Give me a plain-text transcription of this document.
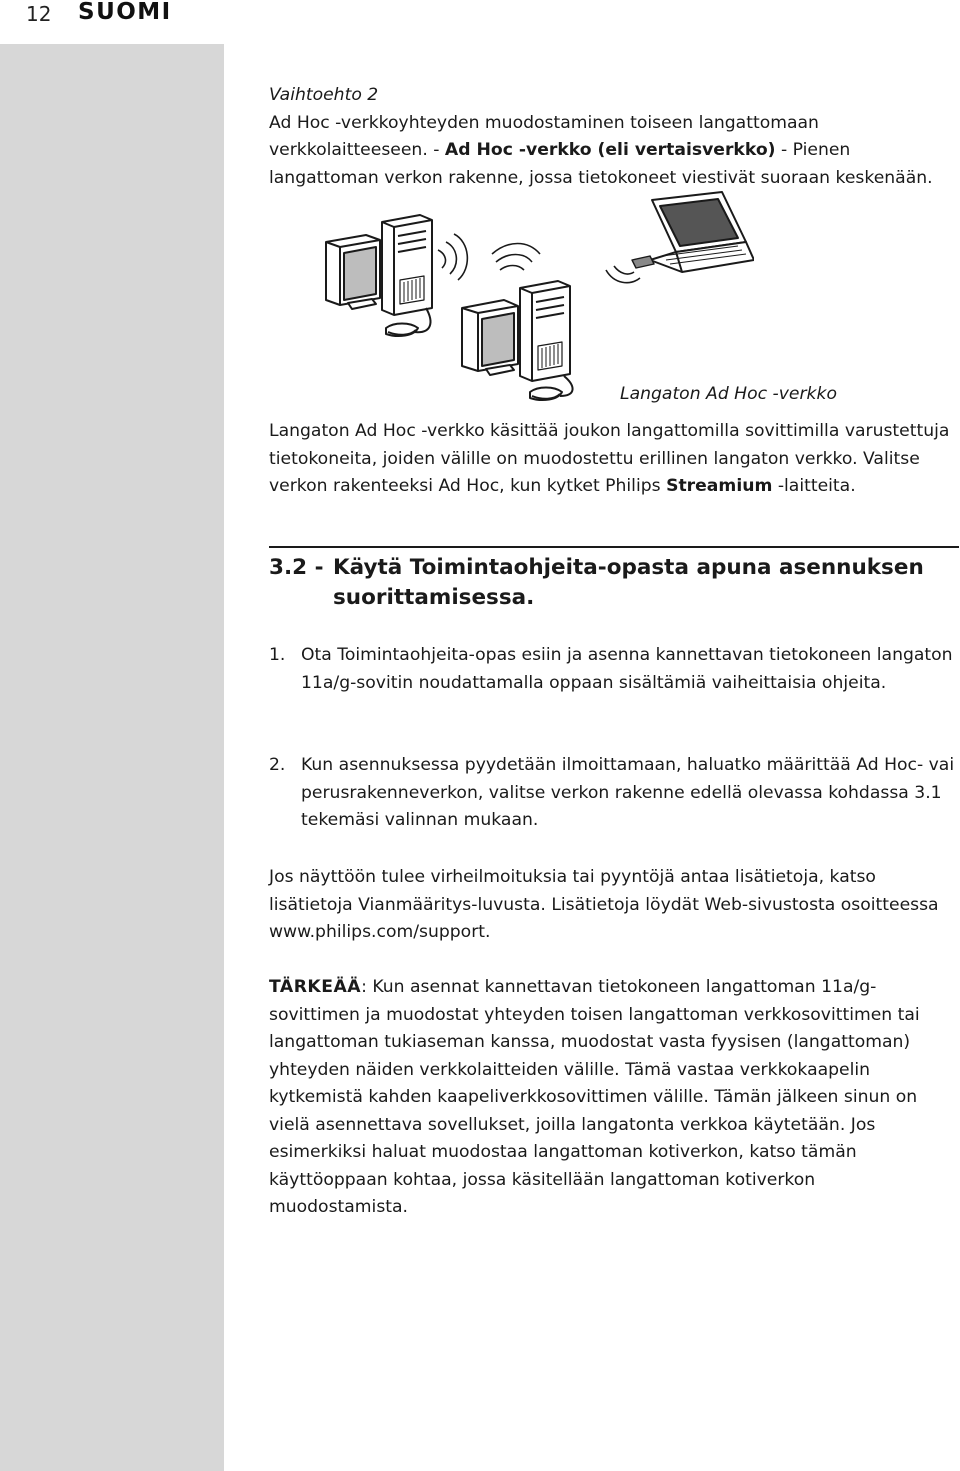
12 SUOMI

Vaihtoehto 2
Ad Hoc -verkkoyhteyden muodostaminen toiseen langattomaan verkkolaitteeseen. - Ad Hoc -verkko (eli vertaisverkko) - Pienen langattoman verkon rakenne, jossa tietokoneet viestivät suoraan keskenään.

Langaton Ad Hoc -verkko

Langaton Ad Hoc -verkko käsittää joukon langattomilla sovittimilla varustettuja tietokoneita, joiden välille on muodostettu erillinen langaton verkko. Valitse verkon rakenteeksi Ad Hoc, kun kytket Philips Streamium -laitteita.

3.2 - Käytä Toimintaohjeita-opasta apuna asennuksen
suorittamisessa.
1. Ota Toimintaohjeita-opas esiin ja asenna kannettavan tietokoneen langaton 11a/g-sovitin noudattamalla oppaan sisältämiä vaiheittaisia ohjeita.
2. Kun asennuksessa pyydetään ilmoittamaan, haluatko määrittää Ad Hoc- vai perusrakenneverkon, valitse verkon rakenne edellä olevassa kohdassa 3.1 tekemäsi valinnan mukaan.

Jos näyttöön tulee virheilmoituksia tai pyyntöjä antaa lisätietoja, katso lisätietoja Vianmääritys-luvusta. Lisätietoja löydät Web-sivustosta osoitteessa www.philips.com/support.

TÄRKEÄÄ: Kun asennat kannettavan tietokoneen langattoman 11a/g-sovittimen ja muodostat yhteyden toisen langattoman verkkosovittimen tai langattoman tukiaseman kanssa, muodostat vasta fyysisen (langattoman) yhteyden näiden verkkolaitteiden välille. Tämä vastaa verkkokaapelin kytkemistä kahden kaapeliverkkosovittimen välille. Tämän jälkeen sinun on vielä asennettava sovellukset, joilla langatonta verkkoa käytetään. Jos esimerkiksi haluat muodostaa langattoman kotiverkon, katso tämän käyttöoppaan kohtaa, jossa käsitellään langattoman kotiverkon muodostamista.
